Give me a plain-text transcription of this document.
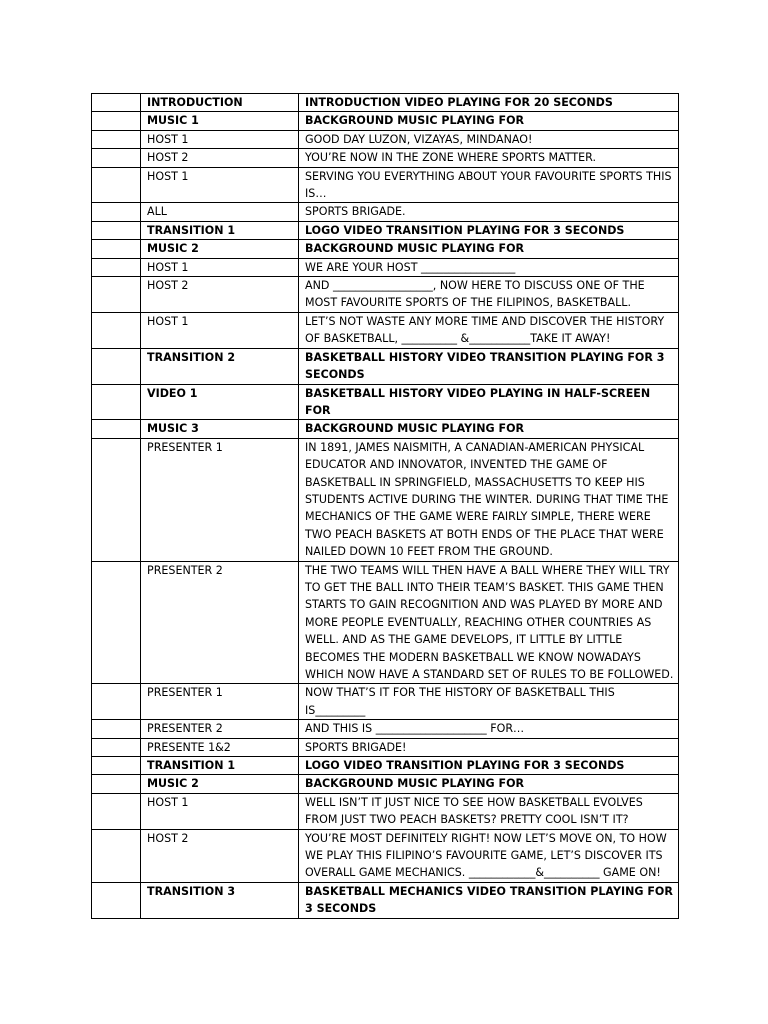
	INTRODUCTION	INTRODUCTION VIDEO PLAYING FOR 20 SECONDS
	MUSIC 1	BACKGROUND MUSIC PLAYING FOR
	HOST 1	GOOD DAY LUZON, VIZAYAS, MINDANAO!
	HOST 2	YOU’RE NOW IN THE ZONE WHERE SPORTS MATTER.
	HOST 1	SERVING YOU EVERYTHING ABOUT YOUR FAVOURITE SPORTS THIS IS…
	ALL	SPORTS BRIGADE.
	TRANSITION 1	LOGO VIDEO TRANSITION PLAYING FOR 3 SECONDS
	MUSIC 2	BACKGROUND MUSIC PLAYING FOR
	HOST 1	WE ARE YOUR HOST _________________
	HOST 2	AND __________________, NOW HERE TO DISCUSS ONE OF THE MOST FAVOURITE SPORTS OF THE FILIPINOS, BASKETBALL.
	HOST 1	LET’S NOT WASTE ANY MORE TIME AND DISCOVER THE HISTORY OF BASKETBALL, __________ &___________TAKE IT AWAY!
	TRANSITION 2	BASKETBALL HISTORY VIDEO TRANSITION PLAYING FOR 3 SECONDS
	VIDEO 1	BASKETBALL HISTORY VIDEO PLAYING IN HALF-SCREEN FOR
	MUSIC 3	BACKGROUND MUSIC PLAYING FOR
	PRESENTER 1	IN 1891, JAMES NAISMITH, A CANADIAN-AMERICAN PHYSICAL EDUCATOR AND INNOVATOR, INVENTED THE GAME OF BASKETBALL IN SPRINGFIELD, MASSACHUSETTS TO KEEP HIS STUDENTS ACTIVE DURING THE WINTER. DURING THAT TIME THE MECHANICS OF THE GAME WERE FAIRLY SIMPLE, THERE WERE TWO PEACH BASKETS AT BOTH ENDS OF THE PLACE THAT WERE NAILED DOWN 10 FEET FROM THE GROUND.
	PRESENTER 2	THE TWO TEAMS WILL THEN HAVE A BALL WHERE THEY WILL TRY TO GET THE BALL INTO THEIR TEAM’S BASKET. THIS GAME THEN STARTS TO GAIN RECOGNITION AND WAS PLAYED BY MORE AND MORE PEOPLE EVENTUALLY, REACHING OTHER COUNTRIES AS WELL. AND AS THE GAME DEVELOPS, IT LITTLE BY LITTLE BECOMES THE MODERN BASKETBALL WE KNOW NOWADAYS WHICH NOW HAVE A STANDARD SET OF RULES TO BE FOLLOWED.
	PRESENTER 1	NOW THAT’S IT FOR THE HISTORY OF BASKETBALL THIS IS_________
	PRESENTER 2	AND THIS IS ____________________ FOR…
	PRESENTE 1&2	SPORTS BRIGADE!
	TRANSITION 1	LOGO VIDEO TRANSITION PLAYING FOR 3 SECONDS
	MUSIC 2	BACKGROUND MUSIC PLAYING FOR
	HOST 1	WELL ISN’T IT JUST NICE TO SEE HOW BASKETBALL EVOLVES FROM JUST TWO PEACH BASKETS? PRETTY COOL ISN’T IT?
	HOST 2	YOU’RE MOST DEFINITELY RIGHT! NOW LET’S MOVE ON, TO HOW WE PLAY THIS FILIPINO’S FAVOURITE GAME, LET’S DISCOVER ITS OVERALL GAME MECHANICS. ____________&__________ GAME ON!
	TRANSITION 3	BASKETBALL MECHANICS VIDEO TRANSITION PLAYING FOR 3 SECONDS
